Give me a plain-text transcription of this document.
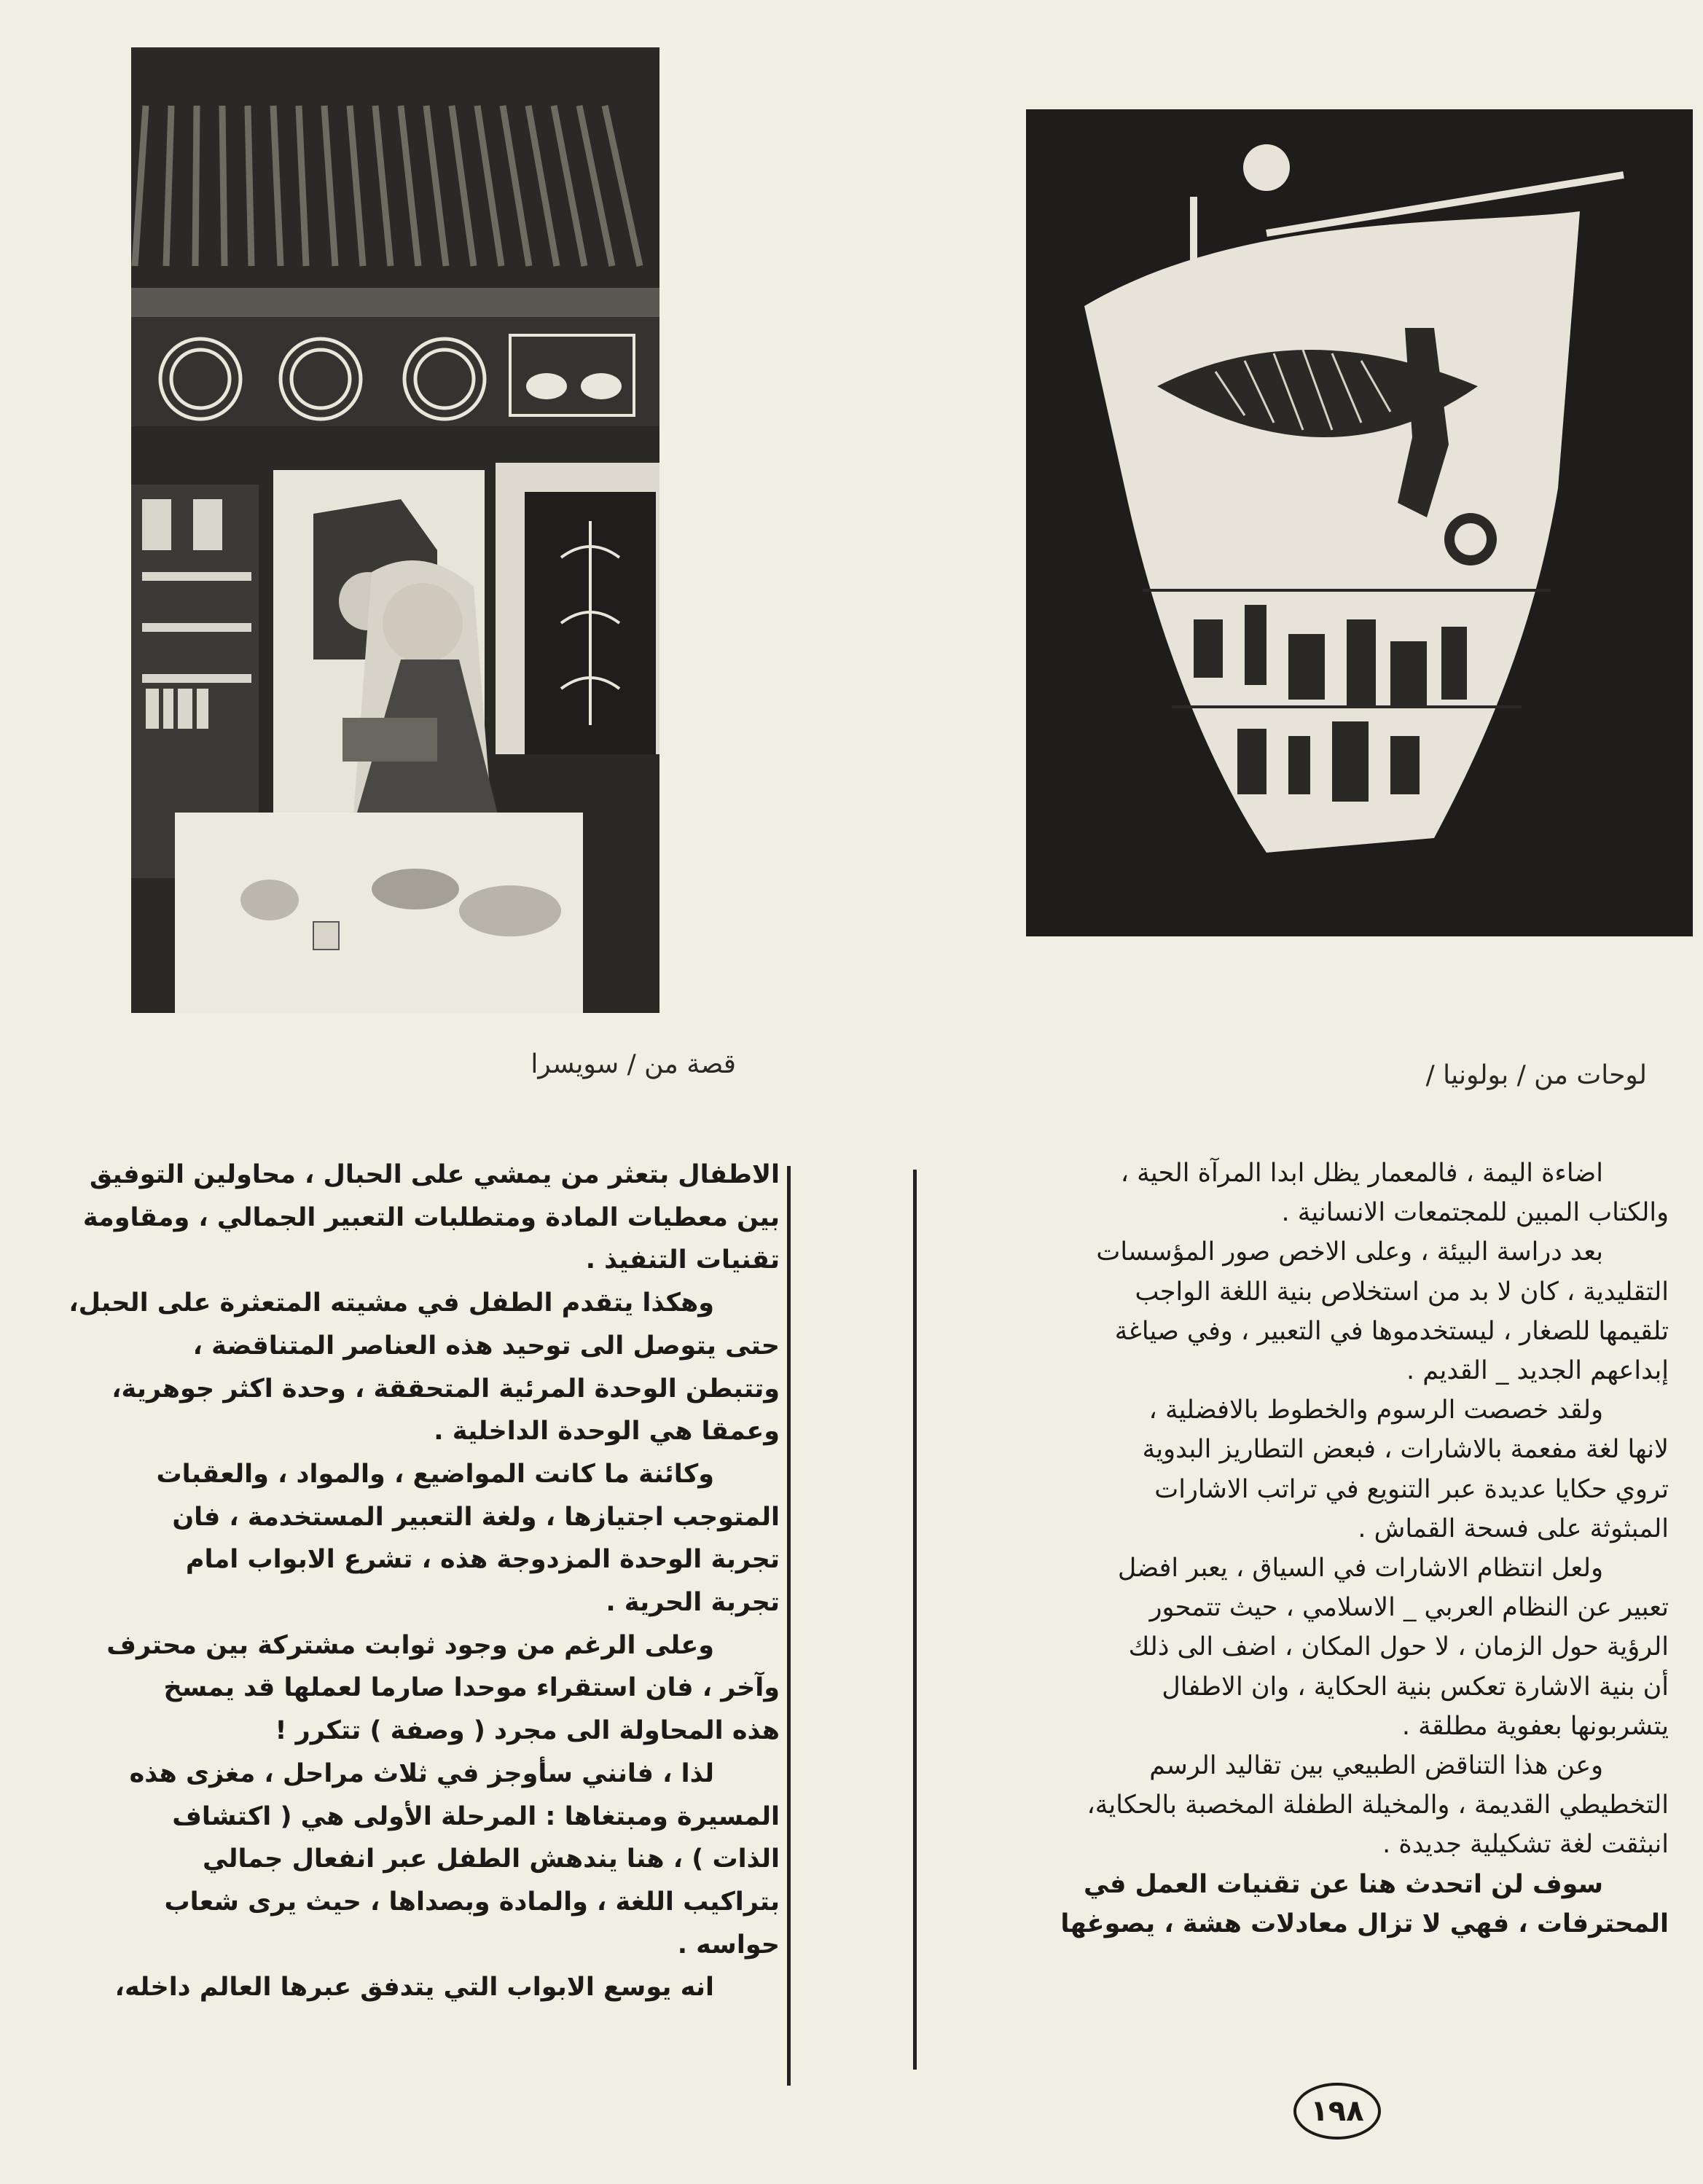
قصة من / سويسرا	لوحات من / بولونيا /

اضاءة اليمة ، فالمعمار يظل ابدا المرآة الحية ،

والكتاب المبين للمجتمعات الانسانية .

بعد دراسة البيئة ، وعلى الاخص صور المؤسسات

التقليدية ، كان لا بد من استخلاص بنية اللغة الواجب

تلقيمها للصغار ، ليستخدموها في التعبير ، وفي صياغة

إبداعهم الجديد _ القديم .

ولقد خصصت الرسوم والخطوط بالافضلية ،

لانها لغة مفعمة بالاشارات ، فبعض التطاريز البدوية

تروي حكايا عديدة عبر التنويع في تراتب الاشارات

المبثوثة على فسحة القماش .

ولعل انتظام الاشارات في السياق ، يعبر افضل

تعبير عن النظام العربي _ الاسلامي ، حيث تتمحور

الرؤية حول الزمان ، لا حول المكان ، اضف الى ذلك

أن بنية الاشارة تعكس بنية الحكاية ، وان الاطفال

يتشربونها بعفوية مطلقة .

وعن هذا التناقض الطبيعي بين تقاليد الرسم

التخطيطي القديمة ، والمخيلة الطفلة المخصبة بالحكاية،

انبثقت لغة تشكيلية جديدة .

سوف لن اتحدث هنا عن تقنيات العمل في

المحترفات ، فهي لا تزال معادلات هشة ، يصوغها

الاطفال بتعثر من يمشي على الحبال ، محاولين التوفيق

بين معطيات المادة ومتطلبات التعبير الجمالي ، ومقاومة

تقنيات التنفيذ .

وهكذا يتقدم الطفل في مشيته المتعثرة على الحبل،

حتى يتوصل الى توحيد هذه العناصر المتناقضة ،

وتتبطن الوحدة المرئية المتحققة ، وحدة اكثر جوهرية،

وعمقا هي الوحدة الداخلية .

وكائنة ما كانت المواضيع ، والمواد ، والعقبات

المتوجب اجتيازها ، ولغة التعبير المستخدمة ، فان

تجربة الوحدة المزدوجة هذه ، تشرع الابواب امام

تجربة الحرية .

وعلى الرغم من وجود ثوابت مشتركة بين محترف

وآخر ، فان استقراء موحدا صارما لعملها قد يمسخ

هذه المحاولة الى مجرد ( وصفة ) تتكرر !

لذا ، فانني سأوجز في ثلاث مراحل ، مغزى هذه

المسيرة ومبتغاها : المرحلة الأولى هي ( اكتشاف

الذات ) ، هنا يندهش الطفل عبر انفعال جمالي

بتراكيب اللغة ، والمادة وبصداها ، حيث يرى شعاب

حواسه .

انه يوسع الابواب التي يتدفق عبرها العالم داخله،

١٩٨
